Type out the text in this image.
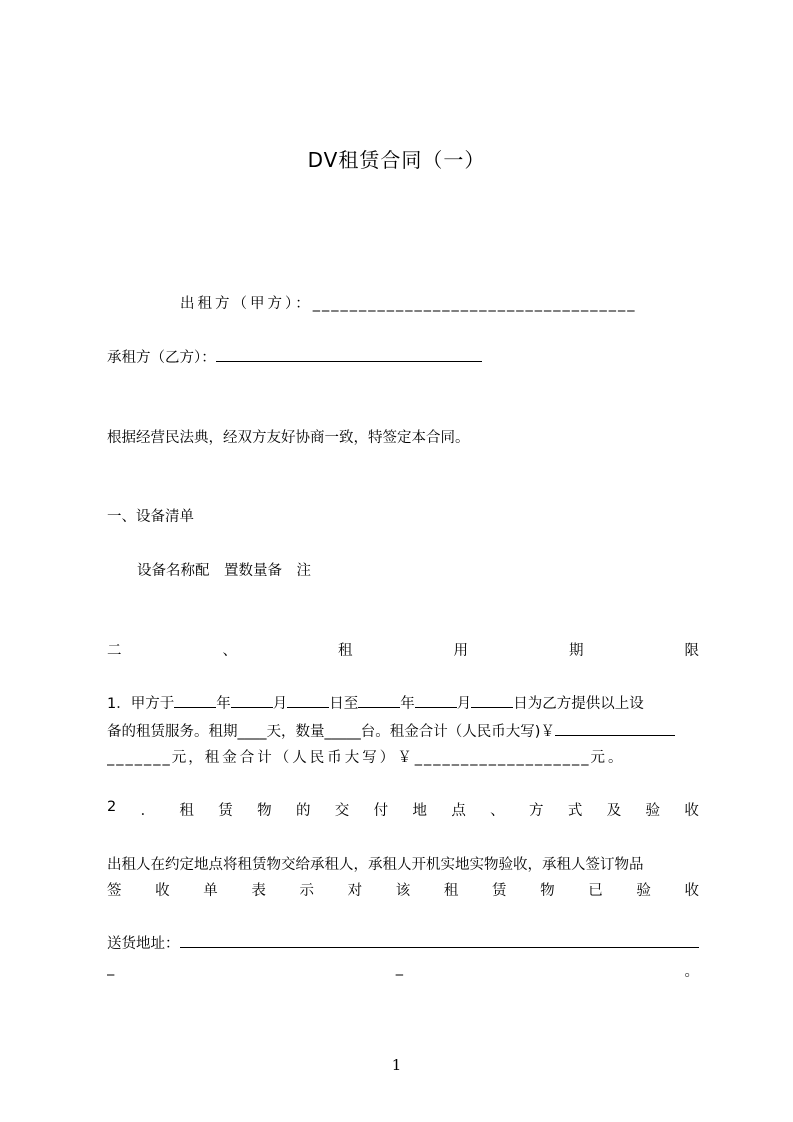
DV租赁合同（一）
出租方（甲方）：___________________________________
承租方（乙方）：
根据经营民法典，经双方友好协商一致，特签定本合同。
一、设备清单
设备名称配　置数量备　注
二	、	租	用	期	限
1．甲方于	年	月	日至	年	月	日为乙方提供以上设
备的租赁服务。租期____天，数量_____台。租金合计（人民币大写)￥
_______元，租金合计（人民币大写）￥___________________元。
2 ． 租 赁 物 的 交 付 地 点 、 方 式 及 验 收
出租人在约定地点将租赁物交给承租人，承租人开机实地实物验收，承租人签订物品
签 收 单 表 示 对 该 租 赁 物 已 验 收
送货地址：
_	_	。
1
